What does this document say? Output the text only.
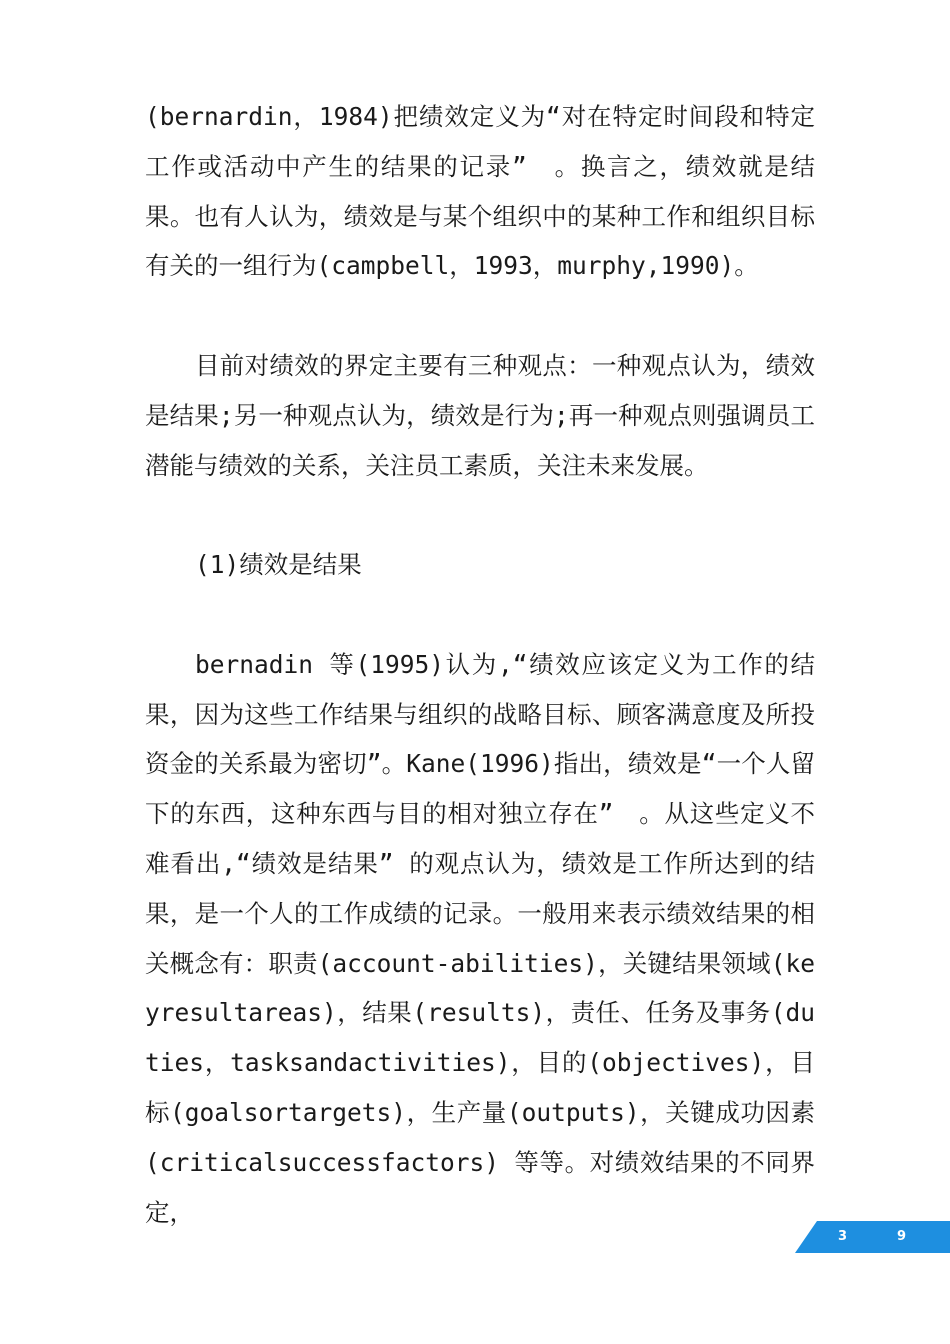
(bernardin，1984)把绩效定义为“对在特定时间段和特定工作或活动中产生的结果的记录”　。换言之，绩效就是结果。也有人认为，绩效是与某个组织中的某种工作和组织目标有关的一组行为(campbell，1993，murphy,1990)。

目前对绩效的界定主要有三种观点：一种观点认为，绩效是结果;另一种观点认为，绩效是行为;再一种观点则强调员工潜能与绩效的关系，关注员工素质，关注未来发展。

(1)绩效是结果

bernadin 等(1995)认为,“绩效应该定义为工作的结果，因为这些工作结果与组织的战略目标、顾客满意度及所投资金的关系最为密切”。Kane(1996)指出，绩效是“一个人留下的东西，这种东西与目的相对独立存在”　。从这些定义不难看出,“绩效是结果” 的观点认为，绩效是工作所达到的结果，是一个人的工作成绩的记录。一般用来表示绩效结果的相关概念有：职责(account-abilities)，关键结果领域(keyresultareas)，结果(results)，责任、任务及事务(duties，tasksandactivities)，目的(objectives)，目标(goalsortargets)，生产量(outputs)，关键成功因素(criticalsuccessfactors) 等等。对绩效结果的不同界定，

3	9
